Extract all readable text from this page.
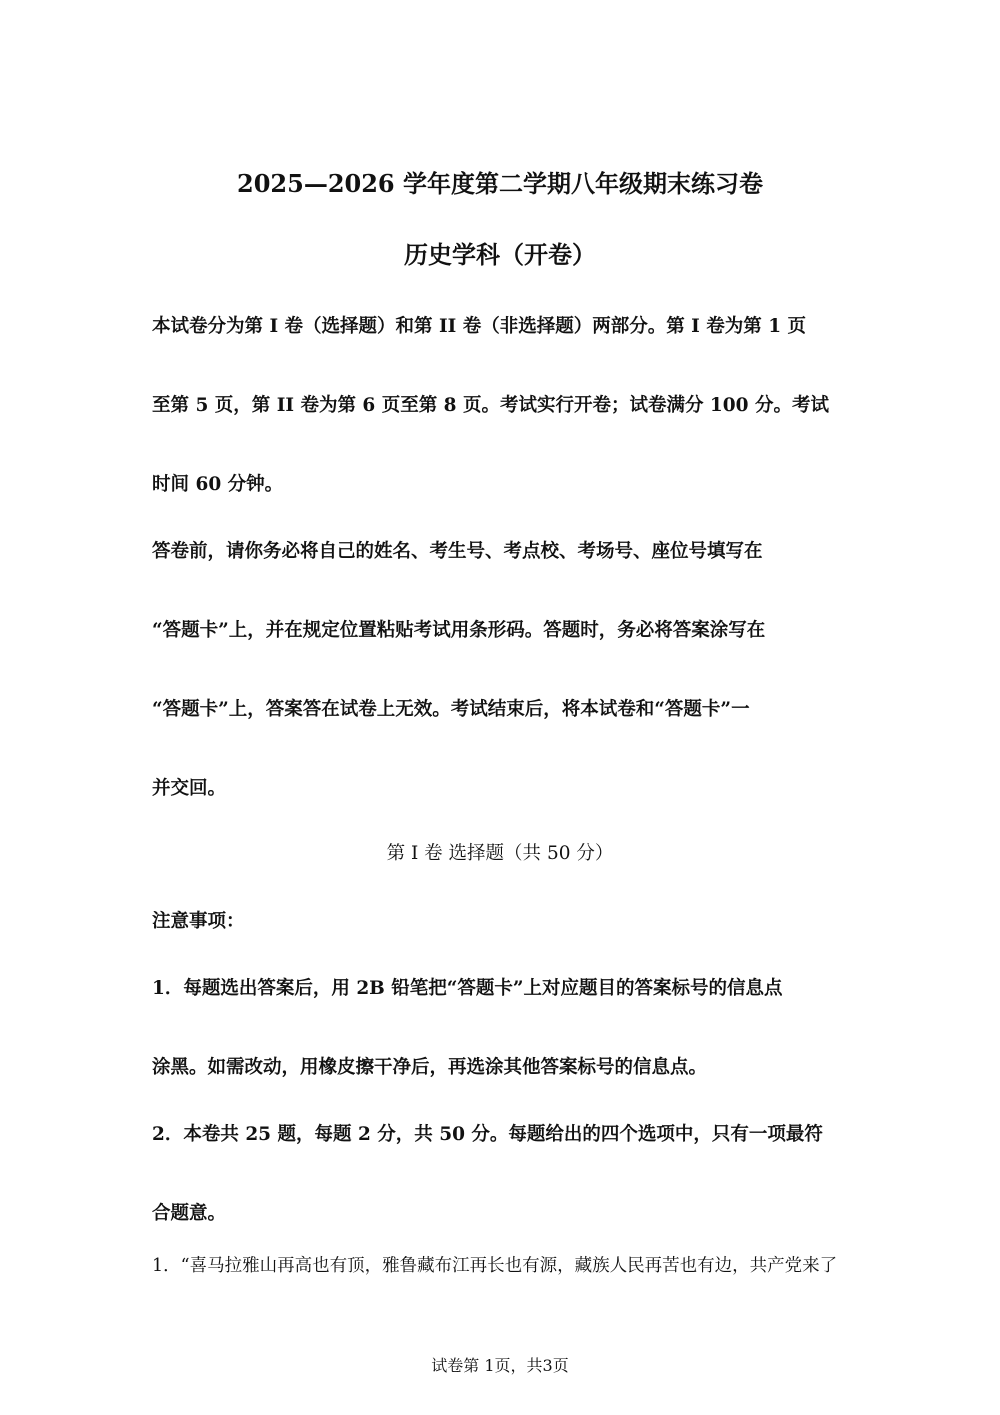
2025—2026 学年度第二学期八年级期末练习卷
历史学科（开卷）
本试卷分为第 I 卷（选择题）和第 II 卷（非选择题）两部分。第 I 卷为第 1 页
至第 5 页，第 II 卷为第 6 页至第 8 页。考试实行开卷；试卷满分 100 分。考试
时间 60 分钟。
答卷前，请你务必将自己的姓名、考生号、考点校、考场号、座位号填写在
“答题卡”上，并在规定位置粘贴考试用条形码。答题时，务必将答案涂写在
“答题卡”上，答案答在试卷上无效。考试结束后，将本试卷和“答题卡”一
并交回。
第 I 卷 选择题（共 50 分）
注意事项：
1．每题选出答案后，用 2B 铅笔把“答题卡”上对应题目的答案标号的信息点
涂黑。如需改动，用橡皮擦干净后，再选涂其他答案标号的信息点。
2．本卷共 25 题，每题 2 分，共 50 分。每题给出的四个选项中，只有一项最符
合题意。
1．“喜马拉雅山再高也有顶，雅鲁藏布江再长也有源，藏族人民再苦也有边，共产党来了
试卷第 1页，共3页
